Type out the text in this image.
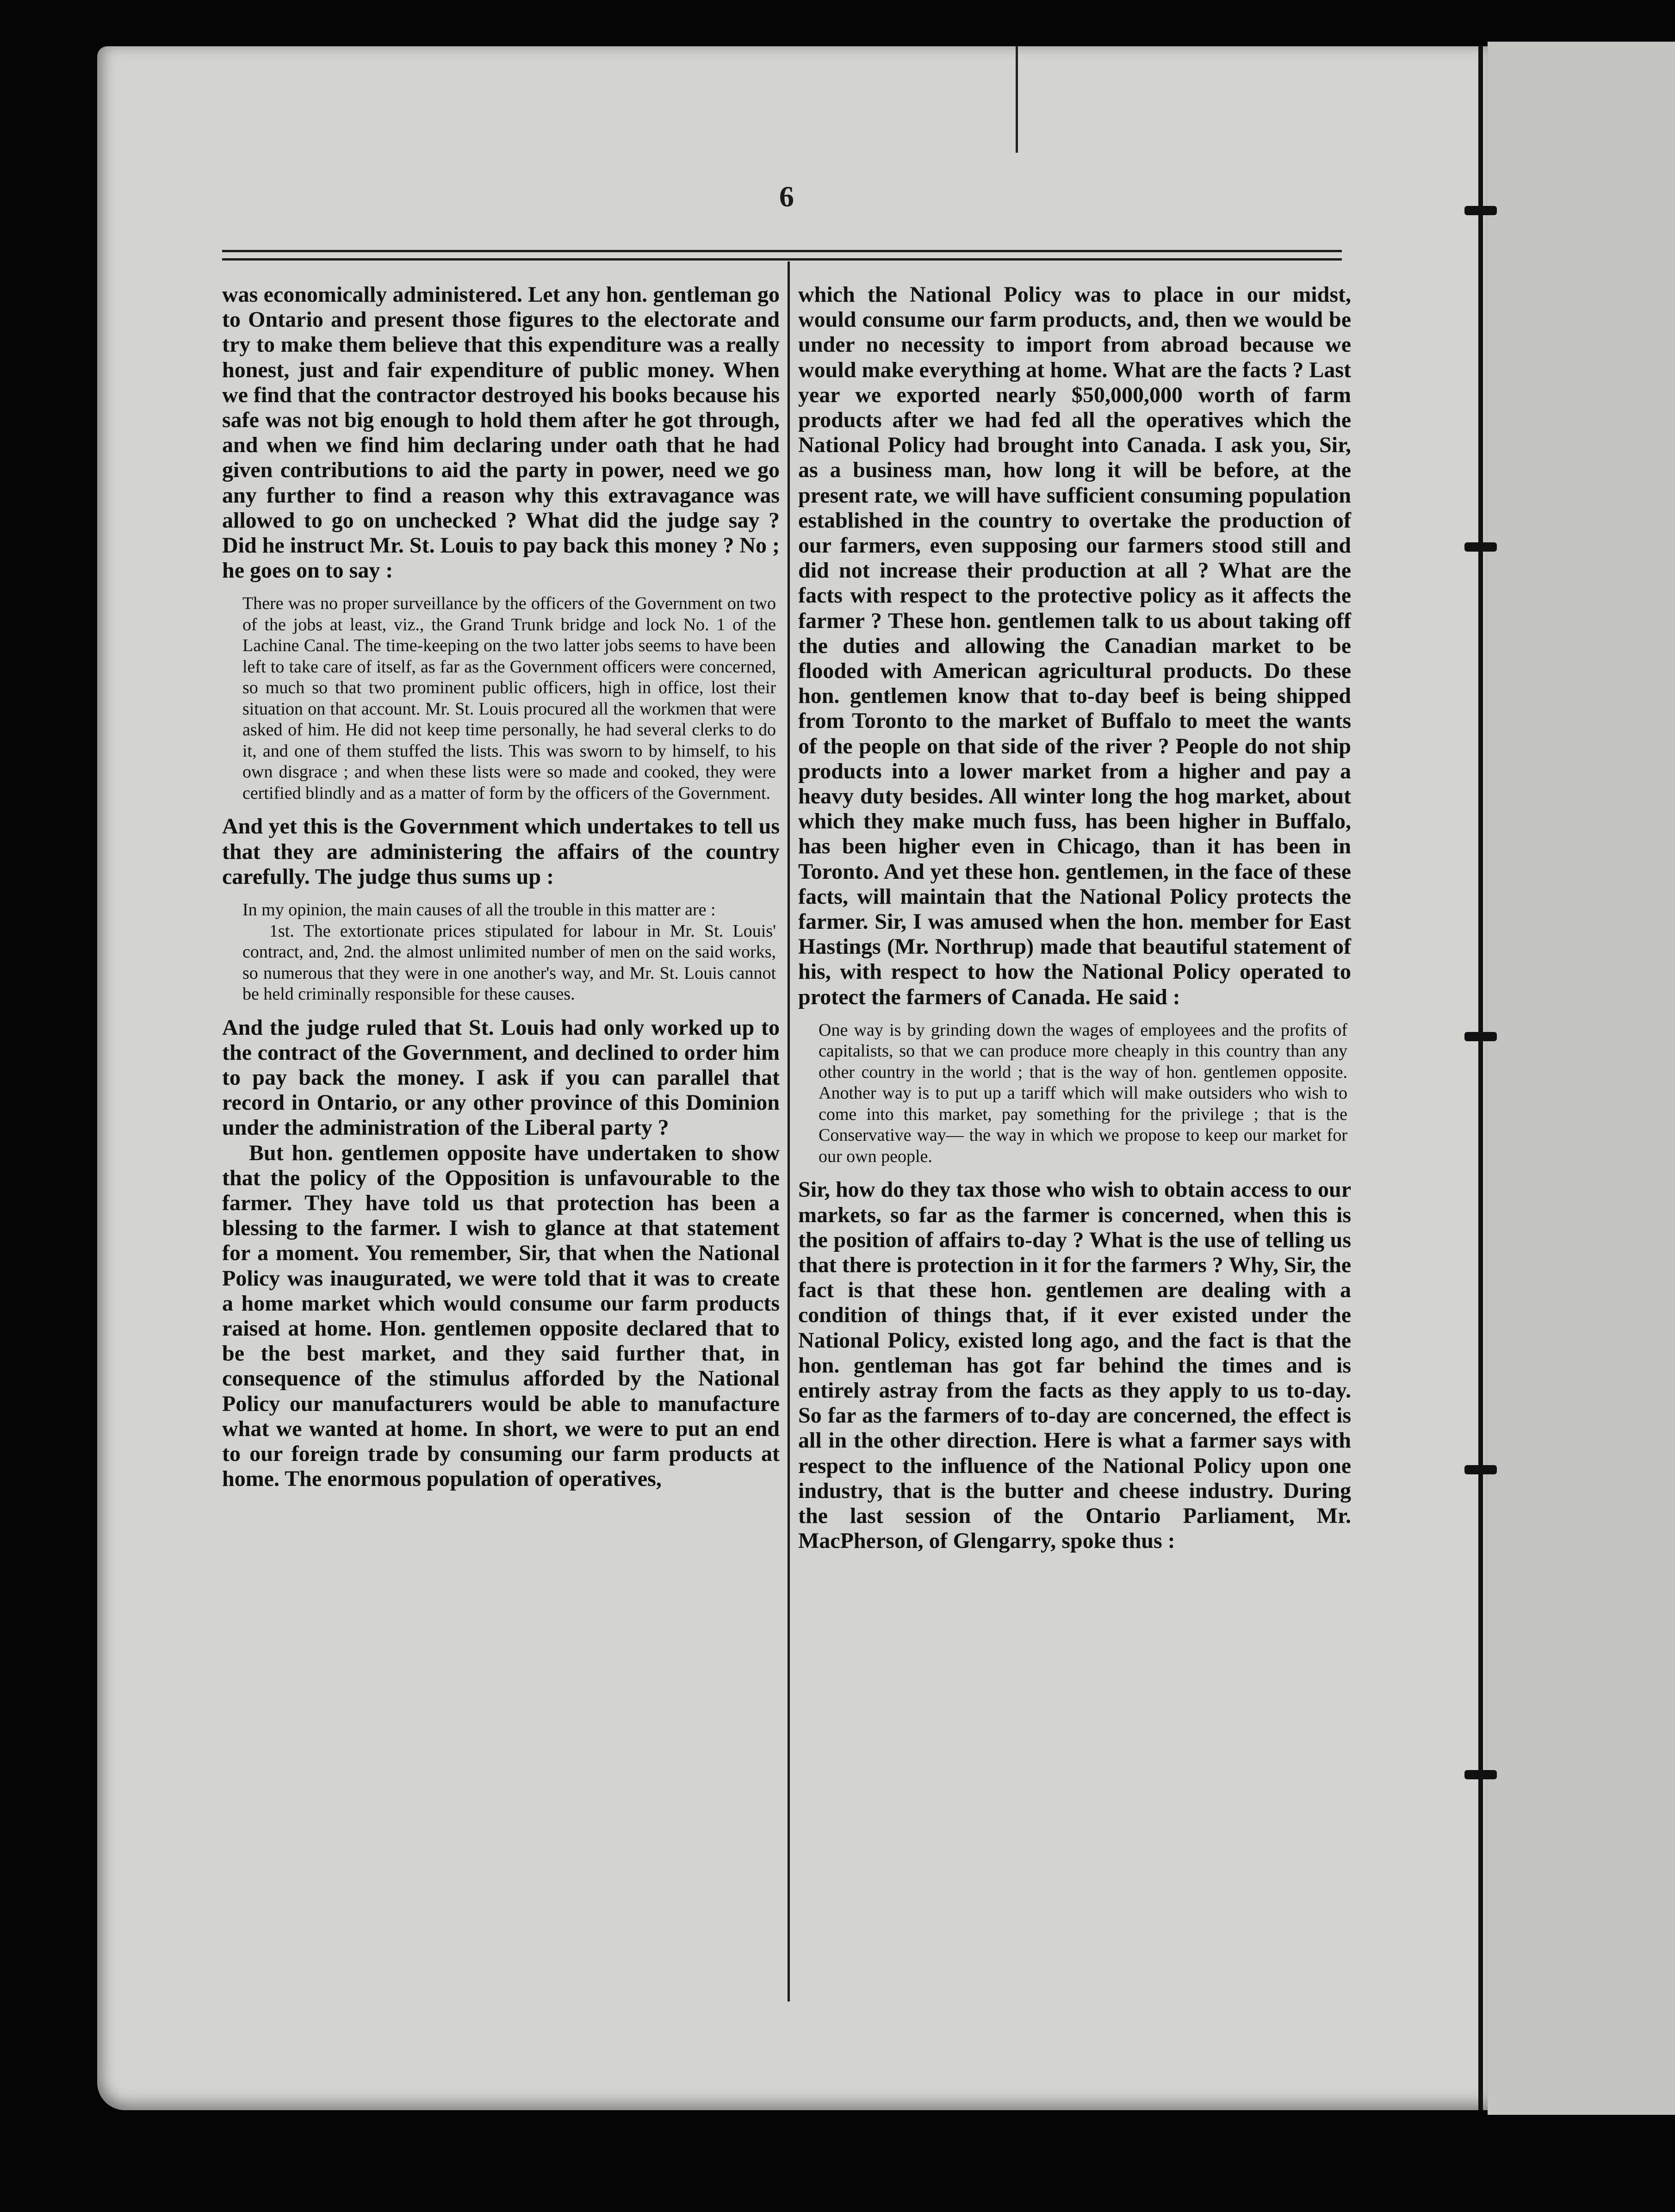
6

was economically administered. Let any hon. gentleman go to Ontario and present those figures to the electorate and try to make them believe that this expenditure was a really honest, just and fair expenditure of public money. When we find that the contractor destroyed his books because his safe was not big enough to hold them after he got through, and when we find him declaring under oath that he had given contributions to aid the party in power, need we go any further to find a reason why this extravagance was allowed to go on unchecked ? What did the judge say ? Did he instruct Mr. St. Louis to pay back this money ? No ; he goes on to say :

There was no proper surveillance by the officers of the Government on two of the jobs at least, viz., the Grand Trunk bridge and lock No. 1 of the Lachine Canal. The time-keeping on the two latter jobs seems to have been left to take care of itself, as far as the Government officers were concerned, so much so that two prominent public officers, high in office, lost their situation on that account. Mr. St. Louis procured all the workmen that were asked of him. He did not keep time personally, he had several clerks to do it, and one of them stuffed the lists. This was sworn to by himself, to his own disgrace ; and when these lists were so made and cooked, they were certified blindly and as a matter of form by the officers of the Government.

And yet this is the Government which undertakes to tell us that they are administering the affairs of the country carefully. The judge thus sums up :

In my opinion, the main causes of all the trouble in this matter are :

1st. The extortionate prices stipulated for labour in Mr. St. Louis' contract, and, 2nd. the almost unlimited number of men on the said works, so numerous that they were in one another's way, and Mr. St. Louis cannot be held criminally responsible for these causes.

And the judge ruled that St. Louis had only worked up to the contract of the Government, and declined to order him to pay back the money. I ask if you can parallel that record in Ontario, or any other province of this Dominion under the administration of the Liberal party ?

But hon. gentlemen opposite have undertaken to show that the policy of the Opposition is unfavourable to the farmer. They have told us that protection has been a blessing to the farmer. I wish to glance at that statement for a moment. You remember, Sir, that when the National Policy was inaugurated, we were told that it was to create a home market which would consume our farm products raised at home. Hon. gentlemen opposite declared that to be the best market, and they said further that, in consequence of the stimulus afforded by the National Policy our manufacturers would be able to manufacture what we wanted at home. In short, we were to put an end to our foreign trade by consuming our farm products at home. The enormous population of operatives,

which the National Policy was to place in our midst, would consume our farm products, and, then we would be under no necessity to import from abroad because we would make everything at home. What are the facts ? Last year we exported nearly $50,000,000 worth of farm products after we had fed all the operatives which the National Policy had brought into Canada. I ask you, Sir, as a business man, how long it will be before, at the present rate, we will have sufficient consuming population established in the country to overtake the production of our farmers, even supposing our farmers stood still and did not increase their production at all ? What are the facts with respect to the protective policy as it affects the farmer ? These hon. gentlemen talk to us about taking off the duties and allowing the Canadian market to be flooded with American agricultural products. Do these hon. gentlemen know that to-day beef is being shipped from Toronto to the market of Buffalo to meet the wants of the people on that side of the river ? People do not ship products into a lower market from a higher and pay a heavy duty besides. All winter long the hog market, about which they make much fuss, has been higher in Buffalo, has been higher even in Chicago, than it has been in Toronto. And yet these hon. gentlemen, in the face of these facts, will maintain that the National Policy protects the farmer. Sir, I was amused when the hon. member for East Hastings (Mr. Northrup) made that beautiful statement of his, with respect to how the National Policy operated to protect the farmers of Canada. He said :

One way is by grinding down the wages of employees and the profits of capitalists, so that we can produce more cheaply in this country than any other country in the world ; that is the way of hon. gentlemen opposite. Another way is to put up a tariff which will make outsiders who wish to come into this market, pay something for the privilege ; that is the Conservative way— the way in which we propose to keep our market for our own people.

Sir, how do they tax those who wish to obtain access to our markets, so far as the farmer is concerned, when this is the position of affairs to-day ? What is the use of telling us that there is protection in it for the farmers ? Why, Sir, the fact is that these hon. gentlemen are dealing with a condition of things that, if it ever existed under the National Policy, existed long ago, and the fact is that the hon. gentleman has got far behind the times and is entirely astray from the facts as they apply to us to-day. So far as the farmers of to-day are concerned, the effect is all in the other direction. Here is what a farmer says with respect to the influence of the National Policy upon one industry, that is the butter and cheese industry. During the last session of the Ontario Parliament, Mr. MacPherson, of Glengarry, spoke thus :
